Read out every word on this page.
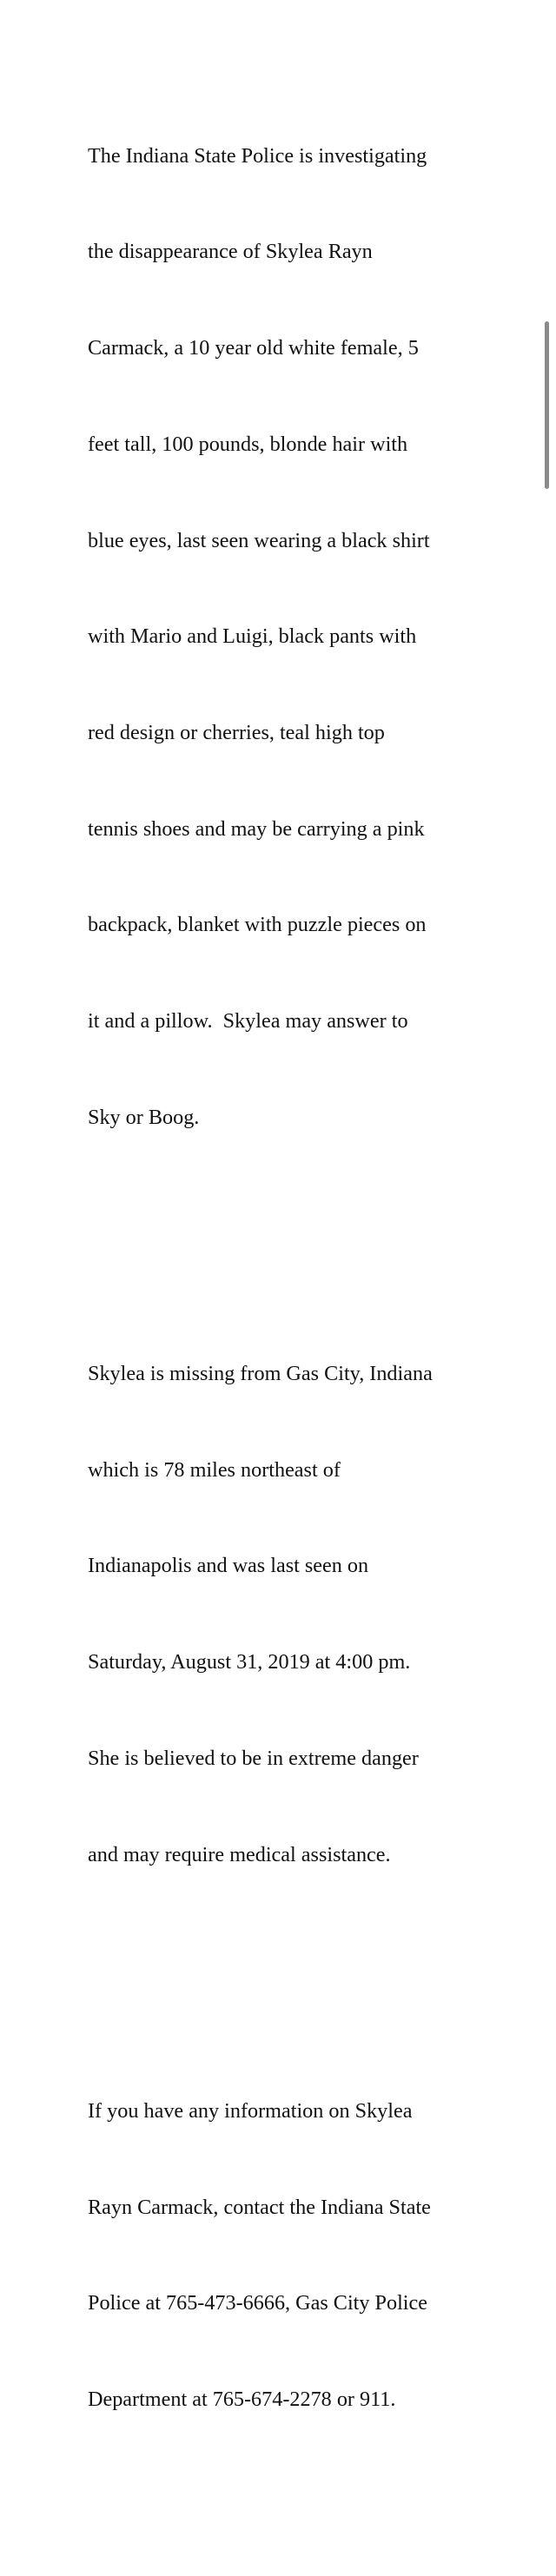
The Indiana State Police is investigating

the disappearance of Skylea Rayn

Carmack, a 10 year old white female, 5

feet tall, 100 pounds, blonde hair with

blue eyes, last seen wearing a black shirt

with Mario and Luigi, black pants with

red design or cherries, teal high top

tennis shoes and may be carrying a pink

backpack, blanket with puzzle pieces on

it and a pillow.  Skylea may answer to

Sky or Boog.

Skylea is missing from Gas City, Indiana

which is 78 miles northeast of

Indianapolis and was last seen on

Saturday, August 31, 2019 at 4:00 pm.

She is believed to be in extreme danger

and may require medical assistance.

If you have any information on Skylea

Rayn Carmack, contact the Indiana State

Police at 765-473-6666, Gas City Police

Department at 765-674-2278 or 911.
